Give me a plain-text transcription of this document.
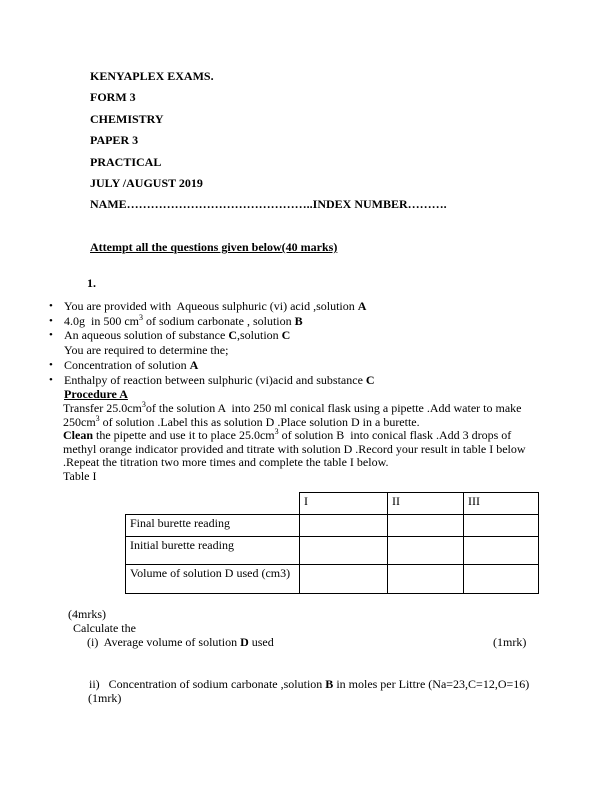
KENYAPLEX EXAMS.
FORM 3
CHEMISTRY
PAPER 3
PRACTICAL
JULY /AUGUST 2019
NAME………………………………………..INDEX NUMBER……….
Attempt all the questions given below(40 marks)
1.
• You are provided with  Aqueous sulphuric (vi) acid ,solution A
• 4.0g  in 500 $cm^3$ of sodium carbonate , solution B
• An aqueous solution of substance C,solution C
You are required to determine the;
• Concentration of solution A
• Enthalpy of reaction between sulphuric (vi)acid and substance C
Procedure A
Transfer $25.0cm^3of$ the solution A  into 250 ml conical flask using a pipette .Add water to make
$250cm^3$ of solution .Label this as solution D .Place solution D in a burette.
Clean the pipette and use it to place $25.0cm^3$ of solution B  into conical flask .Add 3 drops of
methyl orange indicator provided and titrate with solution D .Record your result in table I below
.Repeat the titration two more times and complete the table I below.
Table I
	I	II	III
Final burette reading			
Initial burette reading			
Volume of solution D used (cm3)			
(4mrks)
Calculate the
(i)  Average volume of solution D used	(1mrk)
ii)   Concentration of sodium carbonate ,solution B in moles per Littre (Na=23,C=12,O=16)
(1mrk)
